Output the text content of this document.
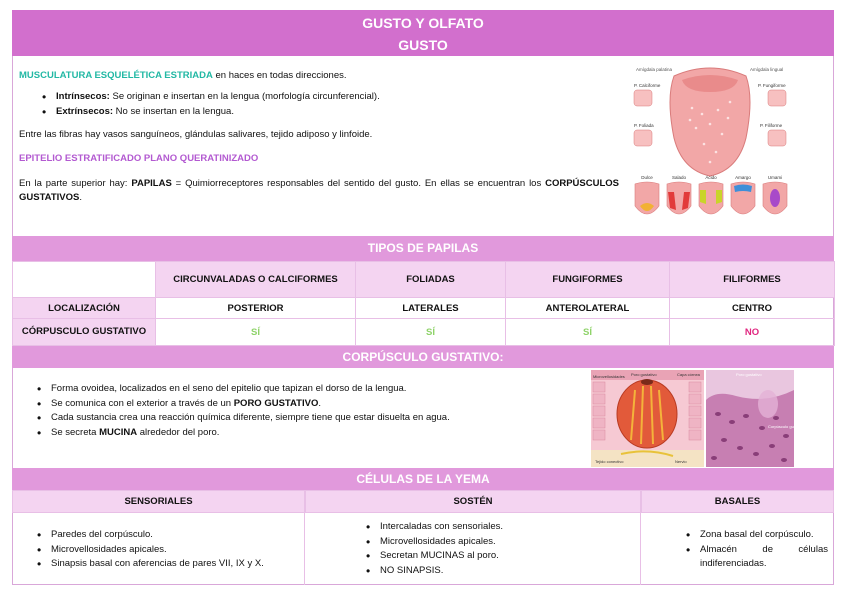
GUSTO Y OLFATO
GUSTO
MUSCULATURA ESQUELÉTICA ESTRIADA en haces en todas direcciones.
• Intrínsecos: Se originan e insertan en la lengua (morfología circunferencial).
• Extrínsecos: No se insertan en la lengua.
Entre las fibras hay vasos sanguíneos, glándulas salivares, tejido adiposo y linfoide.
EPITELIO ESTRATIFICADO PLANO QUERATINIZADO
En la parte superior hay: PAPILAS = Quimiorreceptores responsables del sentido del gusto. En ellas se encuentran los CORPÚSCULOS GUSTATIVOS.
Amígdala palatina	Amígdala lingual
P. Calciforme	P. Fungiforme
P. Foliada	P. Filiforme
Dulce	Salado	Ácido	Amargo	Umami
TIPOS DE PAPILAS
	CIRCUNVALADAS O CALCIFORMES	FOLIADAS	FUNGIFORMES	FILIFORMES
LOCALIZACIÓN	POSTERIOR	LATERALES	ANTEROLATERAL	CENTRO
CÓRPUSCULO GUSTATIVO	SÍ	SÍ	SÍ	NO
CORPÚSCULO GUSTATIVO:
• Forma ovoidea, localizados en el seno del epitelio que tapizan el dorso de la lengua.
• Se comunica con el exterior a través de un PORO GUSTATIVO.
• Cada sustancia crea una reacción química diferente, siempre tiene que estar disuelta en agua.
• Se secreta MUCINA alrededor del poro.
Poro gustativo	Capa córnea
Microvellosidades
Tejido conectivo	Nervio
Poro gustativo
Corpúsculo gustativo
CÉLULAS DE LA YEMA
SENSORIALES	SOSTÉN	BASALES
• Paredes del corpúsculo.
• Microvellosidades apicales.
• Sinapsis basal con aferencias de pares VII, IX y X.
• Intercaladas con sensoriales.
• Microvellosidades apicales.
• Secretan MUCINAS al poro.
• NO SINAPSIS.
• Zona basal del corpúsculo.
• Almacén de células indiferenciadas.
